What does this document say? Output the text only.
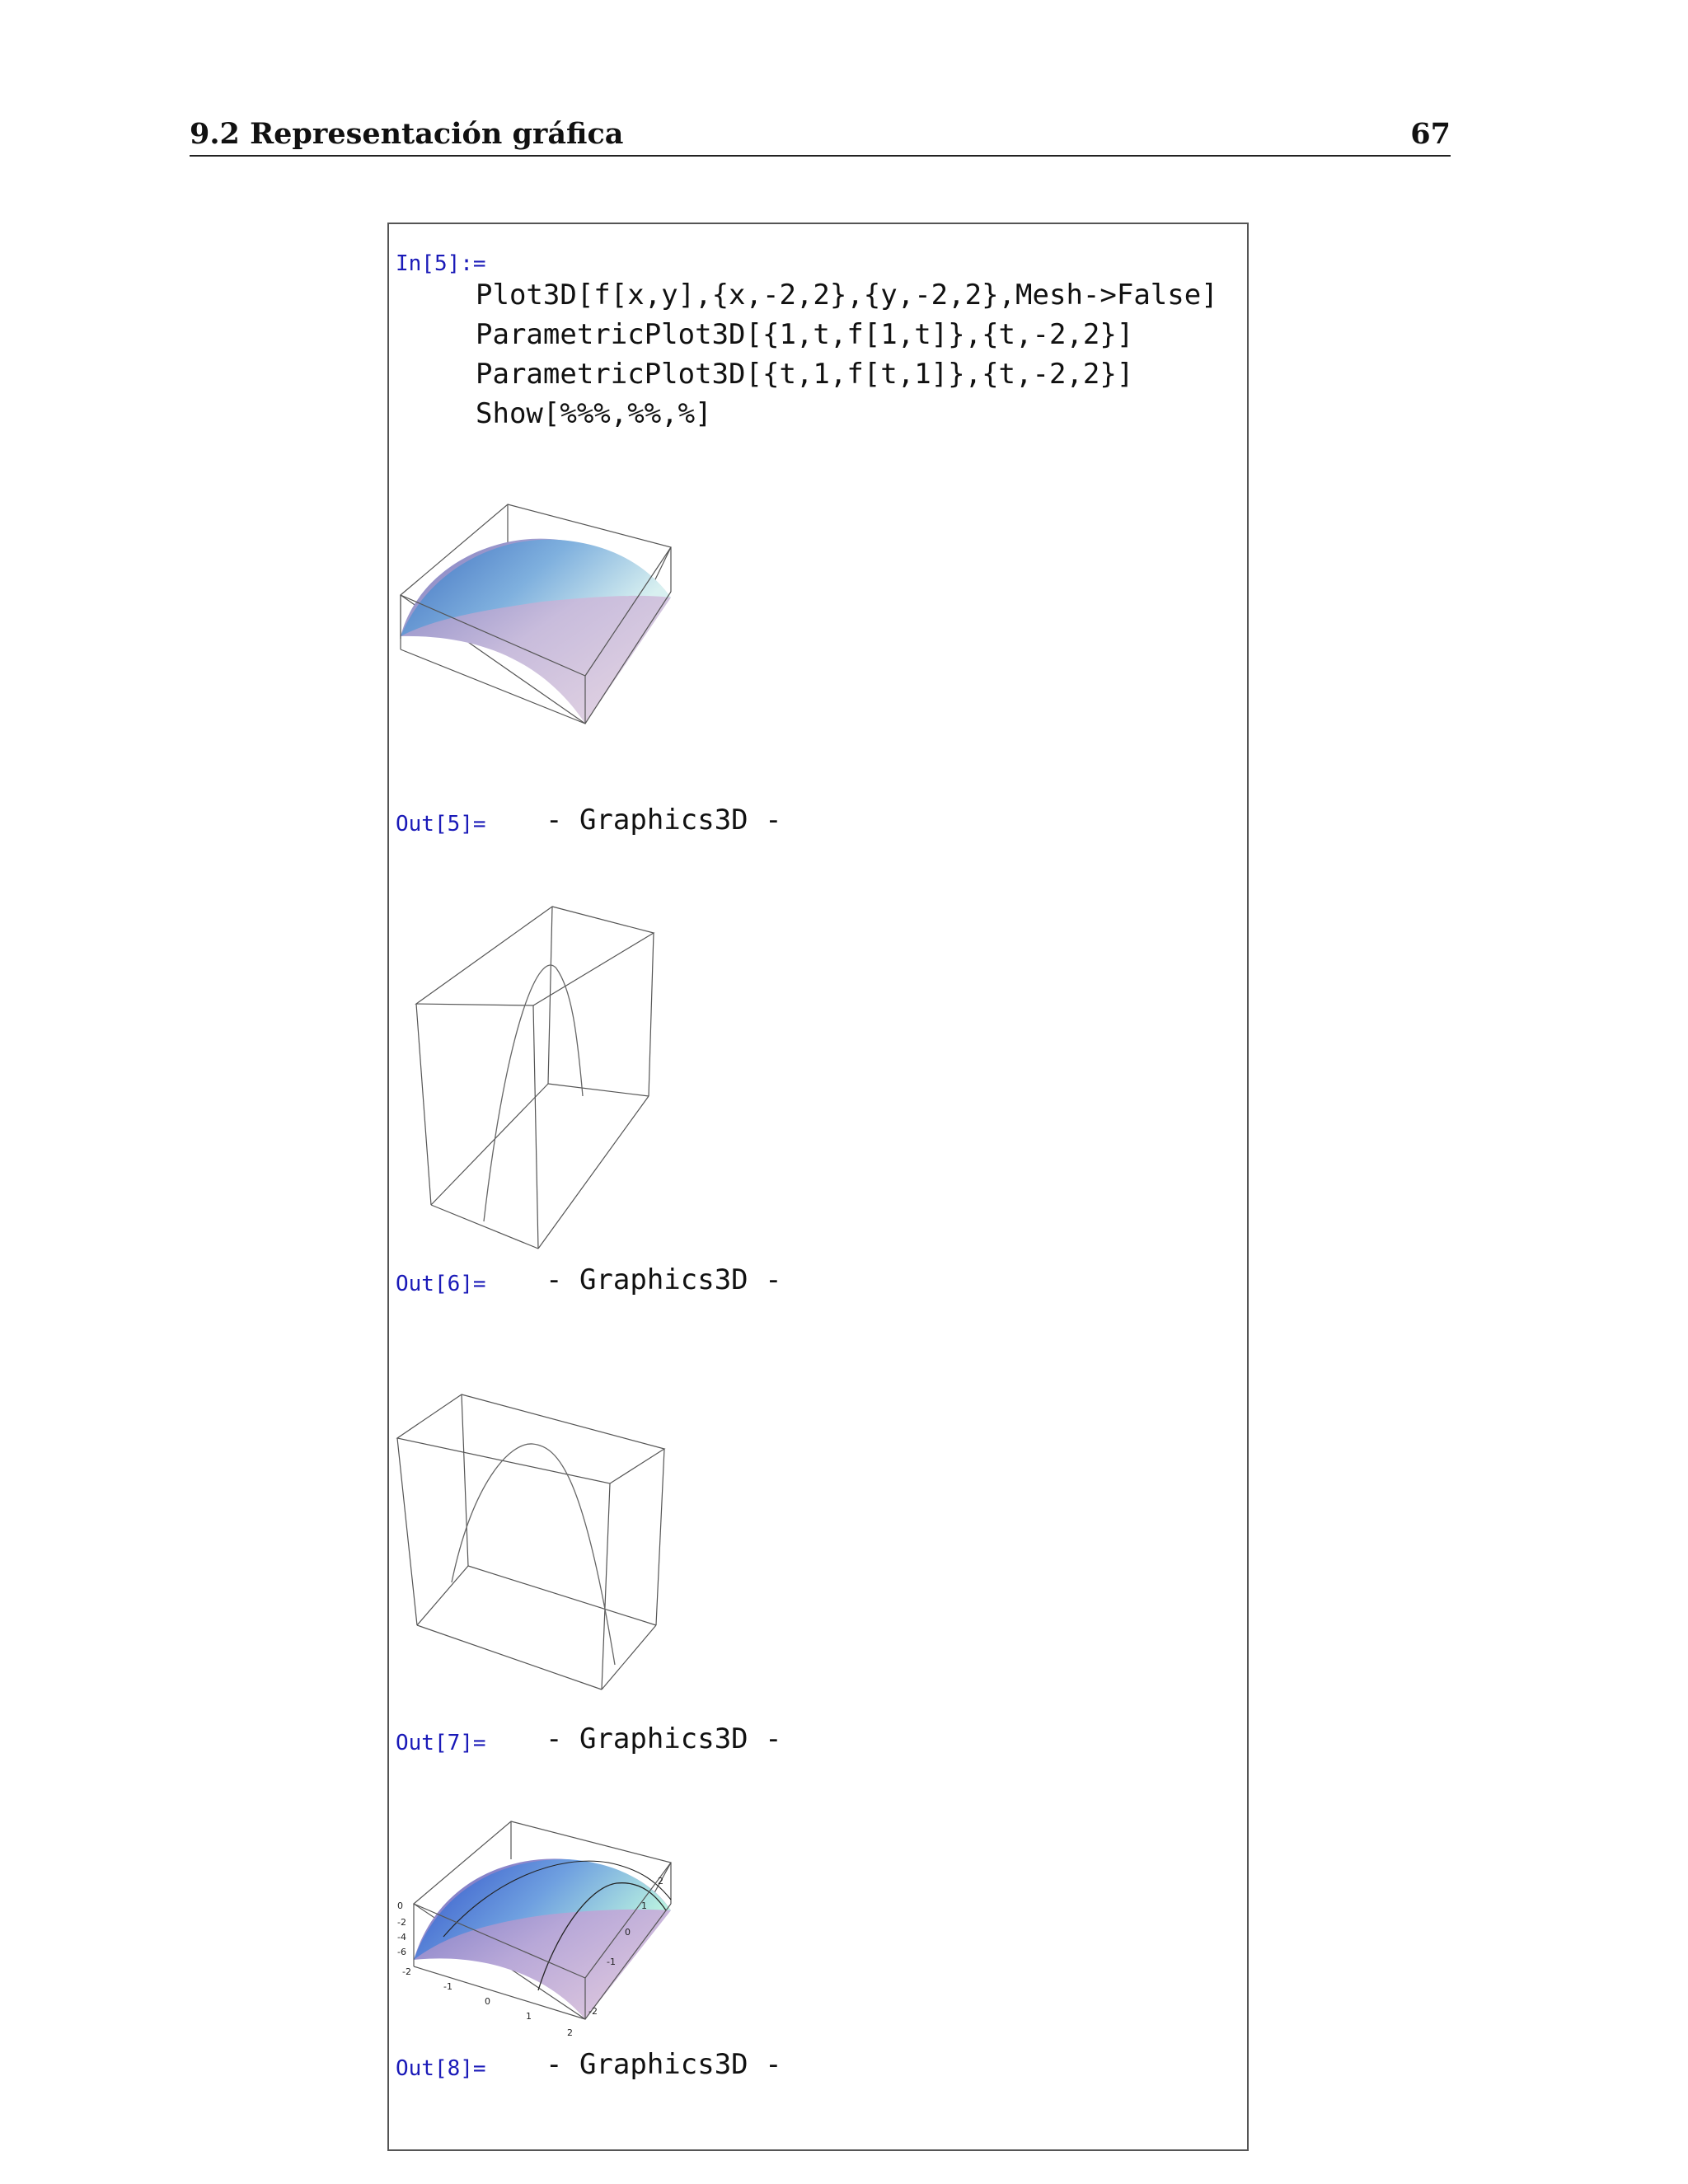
9.2 Representación gráfica	67
In[5]:=
Plot3D[f[x,y],{x,-2,2},{y,-2,2},Mesh->False]
ParametricPlot3D[{1,t,f[1,t]},{t,-2,2}]
ParametricPlot3D[{t,1,f[t,1]},{t,-2,2}]
Show[%%%,%%,%]
Out[5]= - Graphics3D -
Out[6]= - Graphics3D -
Out[7]= - Graphics3D -
0
-2
-4
-6
-2
-1
0
1
2
2
1
0
-1
-2
Out[8]= - Graphics3D -
